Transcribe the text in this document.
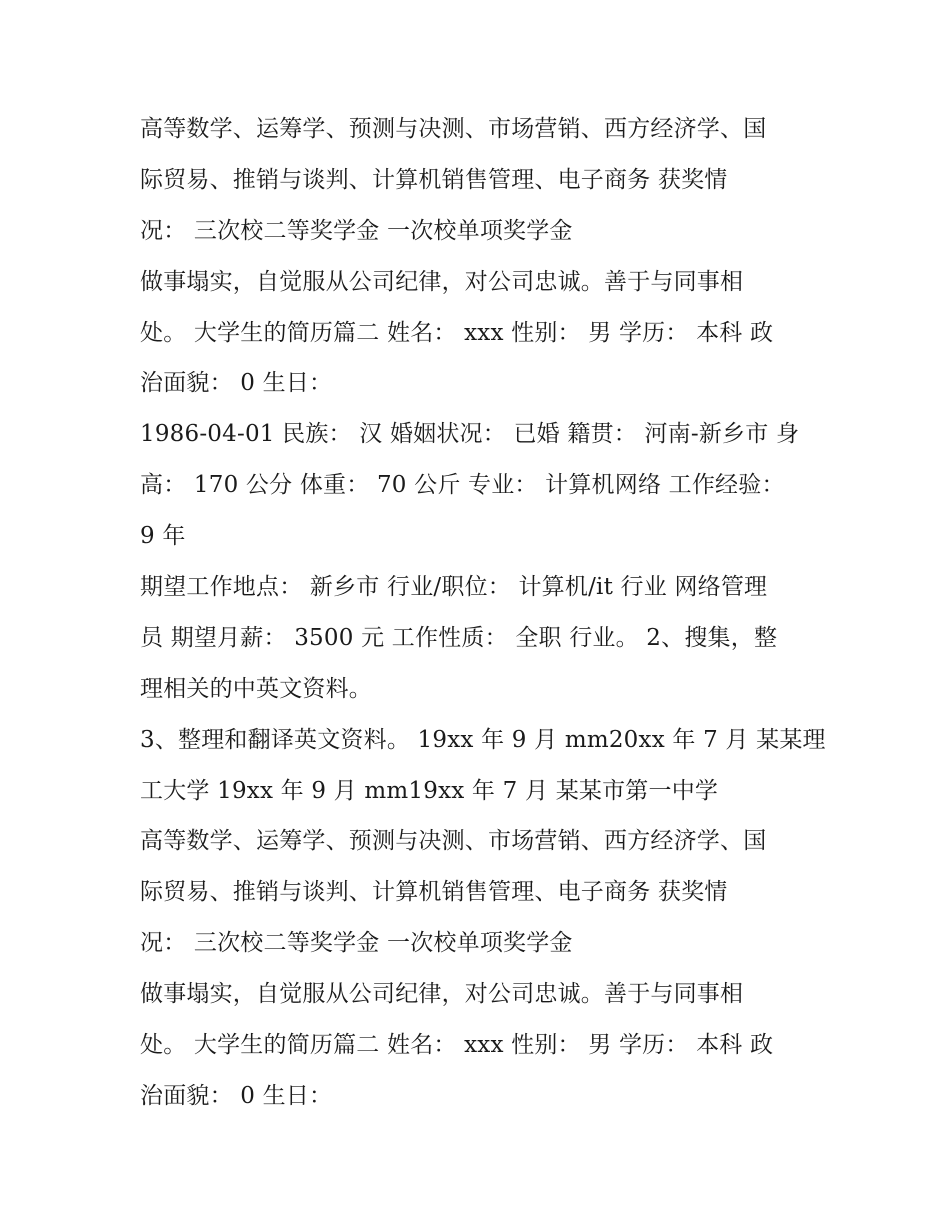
高等数学、运筹学、预测与决测、市场营销、西方经济学、国
际贸易、推销与谈判、计算机销售管理、电子商务 获奖情
况： 三次校二等奖学金 一次校单项奖学金
做事塌实，自觉服从公司纪律，对公司忠诚。善于与同事相
处。 大学生的简历篇二 姓名： xxx 性别： 男 学历： 本科 政
治面貌： 0 生日：
1986-04-01 民族： 汉 婚姻状况： 已婚 籍贯： 河南-新乡市 身
高： 170 公分 体重： 70 公斤 专业： 计算机网络 工作经验：
9 年
期望工作地点： 新乡市 行业/职位： 计算机/it 行业 网络管理
员 期望月薪： 3500 元 工作性质： 全职 行业。 2、搜集，整
理相关的中英文资料。
3、整理和翻译英文资料。 19xx 年 9 月 mm20xx 年 7 月 某某理
工大学 19xx 年 9 月 mm19xx 年 7 月 某某市第一中学
高等数学、运筹学、预测与决测、市场营销、西方经济学、国
际贸易、推销与谈判、计算机销售管理、电子商务 获奖情
况： 三次校二等奖学金 一次校单项奖学金
做事塌实，自觉服从公司纪律，对公司忠诚。善于与同事相
处。 大学生的简历篇二 姓名： xxx 性别： 男 学历： 本科 政
治面貌： 0 生日：
